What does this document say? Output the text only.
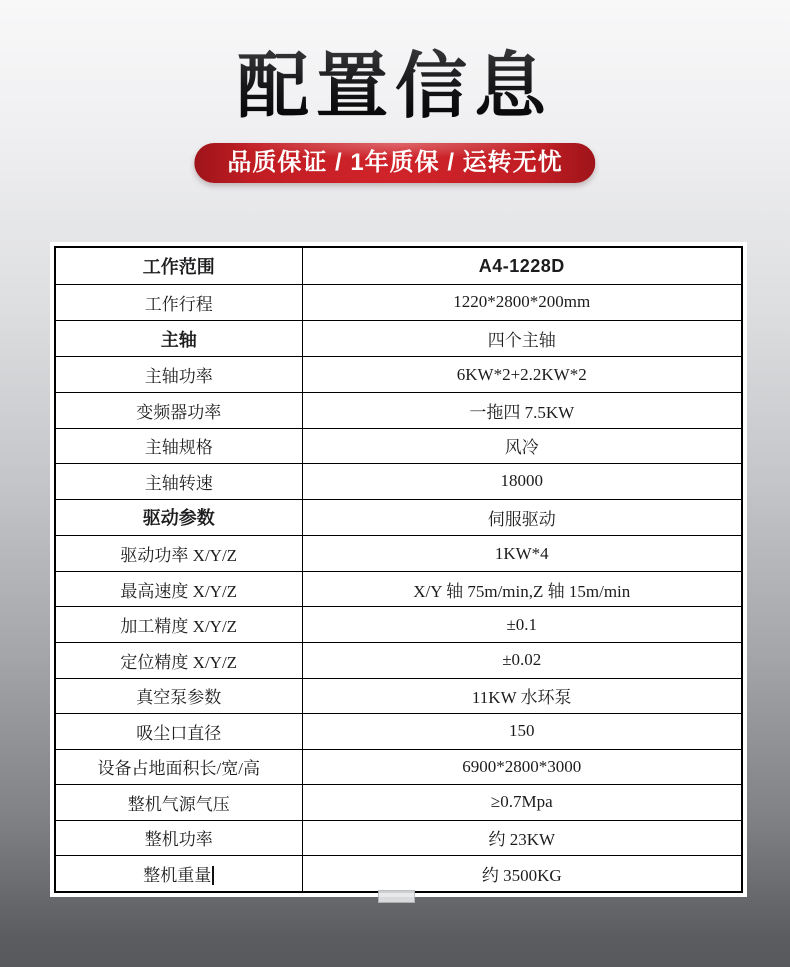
配置信息
品质保证 / 1年质保 / 运转无忧
工作范围	A4-1228D
工作行程	1220*2800*200mm
主轴	四个主轴
主轴功率	6KW*2+2.2KW*2
变频器功率	一拖四 7.5KW
主轴规格	风冷
主轴转速	18000
驱动参数	伺服驱动
驱动功率 X/Y/Z	1KW*4
最高速度 X/Y/Z	X/Y 轴 75m/min,Z 轴 15m/min
加工精度 X/Y/Z	±0.1
定位精度 X/Y/Z	±0.02
真空泵参数	11KW 水环泵
吸尘口直径	150
设备占地面积长/宽/高	6900*2800*3000
整机气源气压	≥0.7Mpa
整机功率	约 23KW
整机重量	约 3500KG
